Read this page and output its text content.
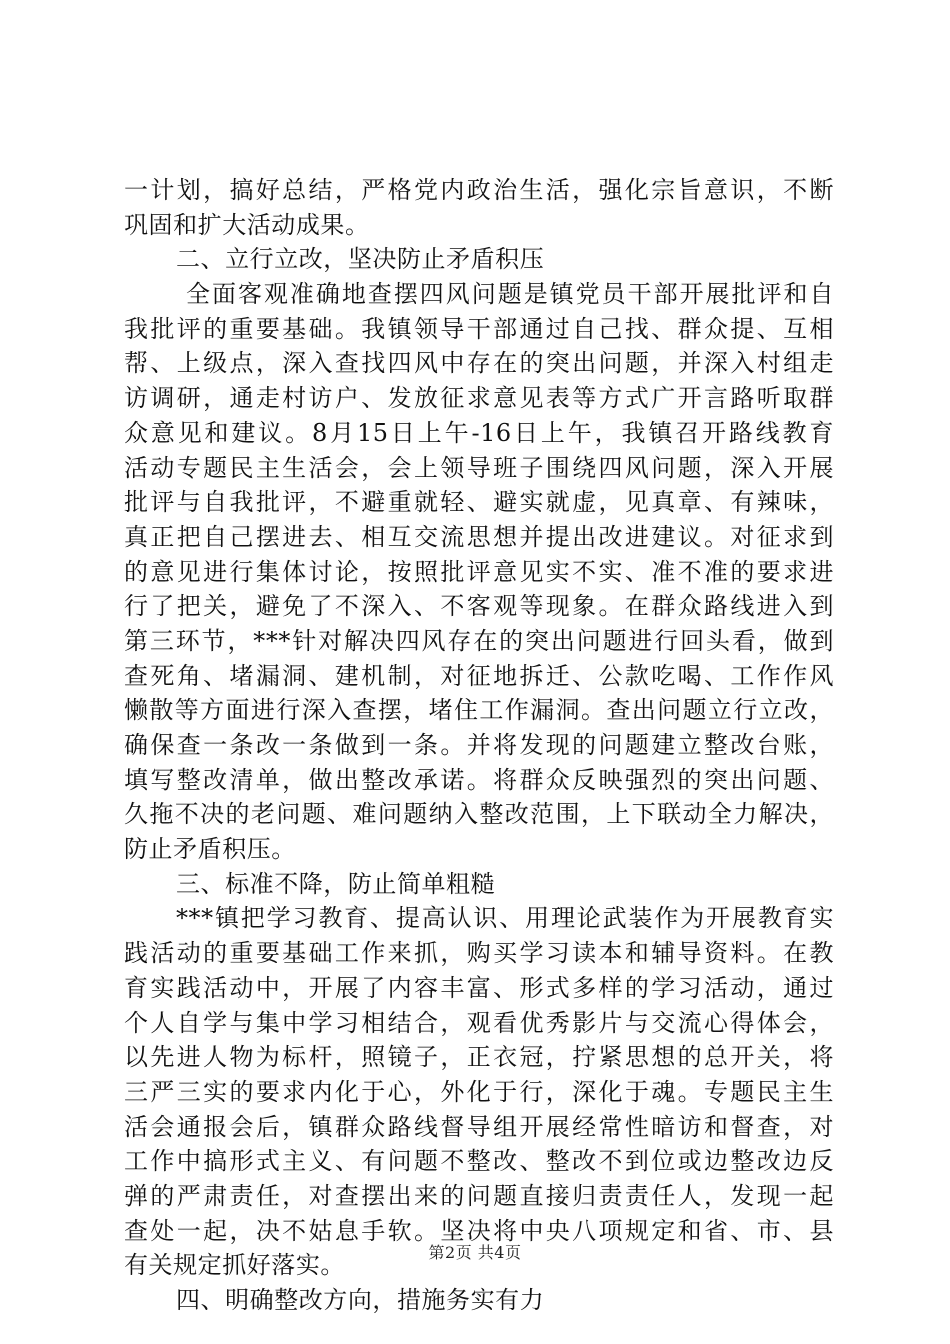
一计划，搞好总结，严格党内政治生活，强化宗旨意识，不断
巩固和扩大活动成果。
二、立行立改，坚决防止矛盾积压
全面客观准确地查摆四风问题是镇党员干部开展批评和自
我批评的重要基础。我镇领导干部通过自己找、群众提、互相
帮、上级点，深入查找四风中存在的突出问题，并深入村组走
访调研，通走村访户、发放征求意见表等方式广开言路听取群
众意见和建议。8月15日上午-16日上午，我镇召开路线教育
活动专题民主生活会，会上领导班子围绕四风问题，深入开展
批评与自我批评，不避重就轻、避实就虚，见真章、有辣味，
真正把自己摆进去、相互交流思想并提出改进建议。对征求到
的意见进行集体讨论，按照批评意见实不实、准不准的要求进
行了把关，避免了不深入、不客观等现象。在群众路线进入到
第三环节，***针对解决四风存在的突出问题进行回头看，做到
查死角、堵漏洞、建机制，对征地拆迁、公款吃喝、工作作风
懒散等方面进行深入查摆，堵住工作漏洞。查出问题立行立改，
确保查一条改一条做到一条。并将发现的问题建立整改台账，
填写整改清单，做出整改承诺。将群众反映强烈的突出问题、
久拖不决的老问题、难问题纳入整改范围，上下联动全力解决，
防止矛盾积压。
三、标准不降，防止简单粗糙
***镇把学习教育、提高认识、用理论武装作为开展教育实
践活动的重要基础工作来抓，购买学习读本和辅导资料。在教
育实践活动中，开展了内容丰富、形式多样的学习活动，通过
个人自学与集中学习相结合，观看优秀影片与交流心得体会，
以先进人物为标杆，照镜子，正衣冠，拧紧思想的总开关，将
三严三实的要求内化于心，外化于行，深化于魂。专题民主生
活会通报会后，镇群众路线督导组开展经常性暗访和督查，对
工作中搞形式主义、有问题不整改、整改不到位或边整改边反
弹的严肃责任，对查摆出来的问题直接归责责任人，发现一起
查处一起，决不姑息手软。坚决将中央八项规定和省、市、县
有关规定抓好落实。
四、明确整改方向，措施务实有力
第2页 共4页
